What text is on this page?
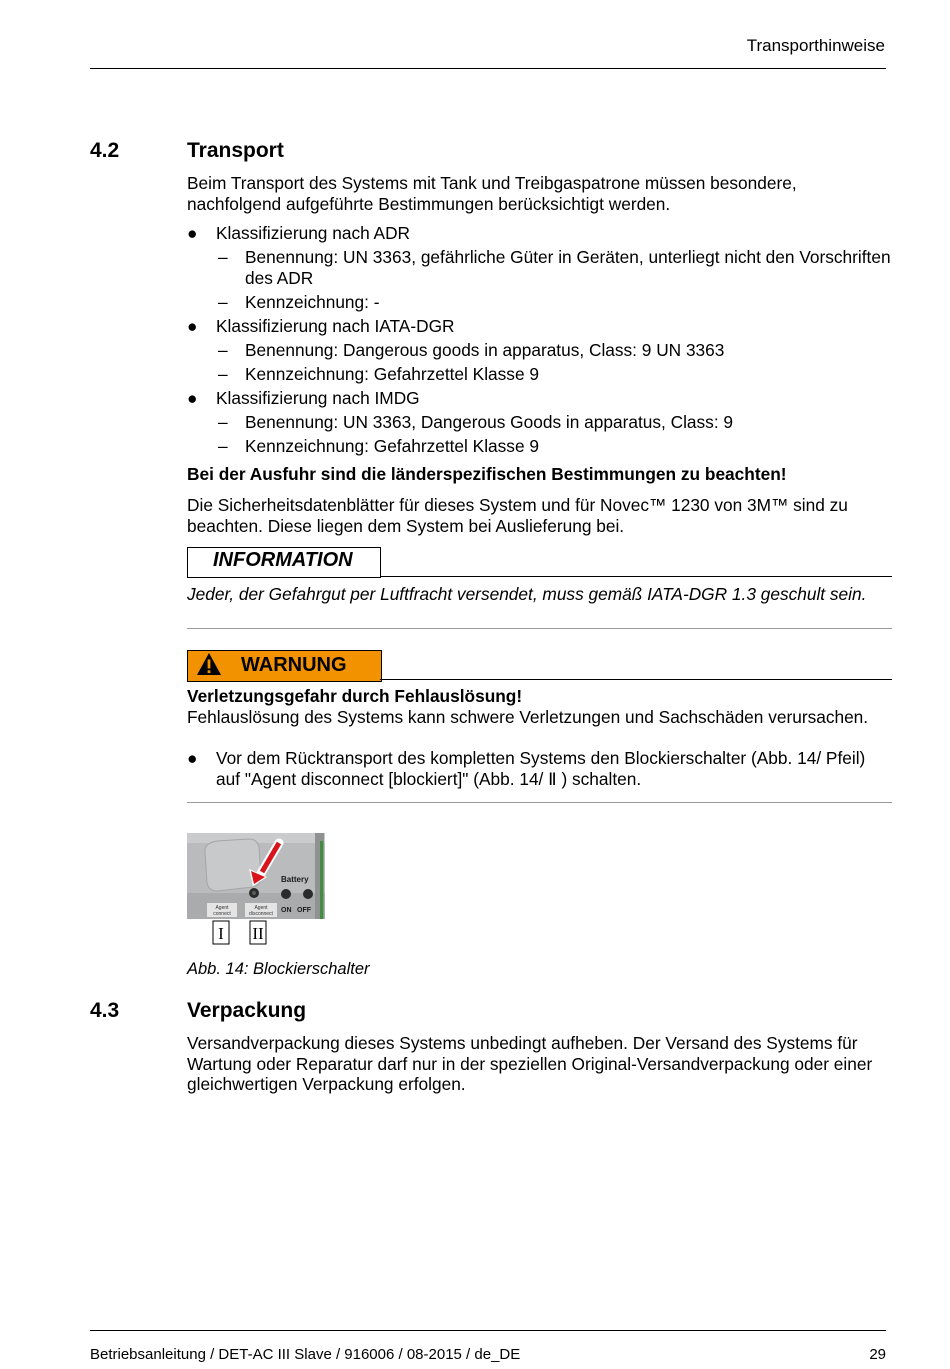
Transporthinweise
4.2	Transport
Beim Transport des Systems mit Tank und Treibgaspatrone müssen besondere, nachfolgend aufgeführte Bestimmungen berücksichtigt werden.
● Klassifizierung nach ADR
– Benennung: UN 3363, gefährliche Güter in Geräten, unterliegt nicht den Vorschriften des ADR
– Kennzeichnung: -
● Klassifizierung nach IATA-DGR
– Benennung: Dangerous goods in apparatus, Class: 9 UN 3363
– Kennzeichnung: Gefahrzettel Klasse 9
● Klassifizierung nach IMDG
– Benennung: UN 3363, Dangerous Goods in apparatus, Class: 9
– Kennzeichnung: Gefahrzettel Klasse 9
Bei der Ausfuhr sind die länderspezifischen Bestimmungen zu beachten!
Die Sicherheitsdatenblätter für dieses System und für Novec™ 1230 von 3M™ sind zu beachten. Diese liegen dem System bei Auslieferung bei.
INFORMATION
Jeder, der Gefahrgut per Luftfracht versendet, muss gemäß IATA-DGR 1.3 geschult sein.
WARNUNG
Verletzungsgefahr durch Fehlauslösung!
Fehlauslösung des Systems kann schwere Verletzungen und Sachschäden verursachen.
● Vor dem Rücktransport des kompletten Systems den Blockierschalter (Abb. 14/ Pfeil) auf "Agent disconnect [blockiert]" (Abb. 14/ Ⅱ ) schalten.
Battery
ON OFF
Agent
connect
Agent
disconnect
I II
Abb. 14: Blockierschalter
4.3	Verpackung
Versandverpackung dieses Systems unbedingt aufheben. Der Versand des Systems für Wartung oder Reparatur darf nur in der speziellen Original-Versandverpackung oder einer gleichwertigen Verpackung erfolgen.
Betriebsanleitung / DET-AC III Slave / 916006 / 08-2015 / de_DE	29
